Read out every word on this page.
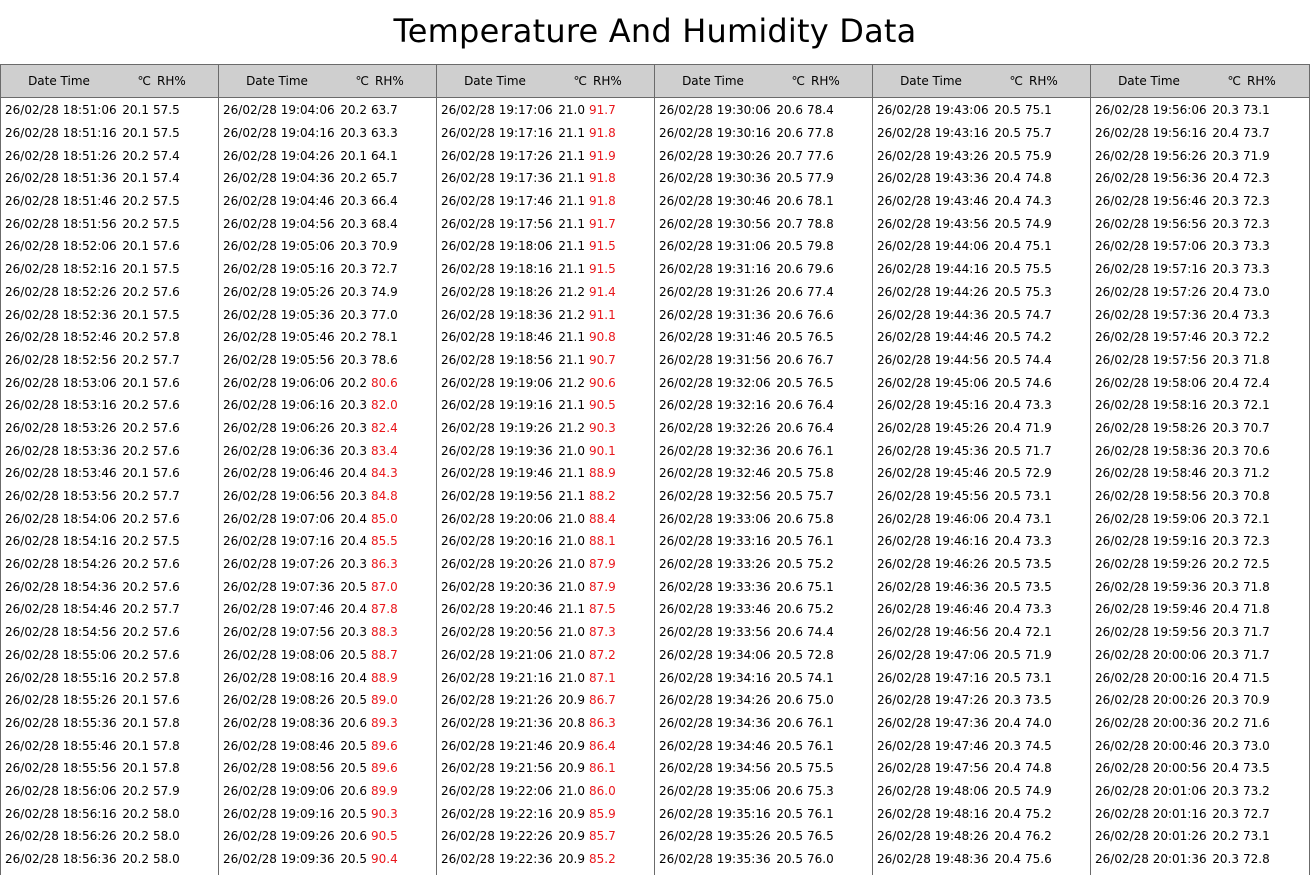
Temperature And Humidity Data
Date Time	℃ RH%
26/02/28 18:51:06 20.1 57.5
26/02/28 18:51:16 20.1 57.5
26/02/28 18:51:26 20.2 57.4
26/02/28 18:51:36 20.1 57.4
26/02/28 18:51:46 20.2 57.5
26/02/28 18:51:56 20.2 57.5
26/02/28 18:52:06 20.1 57.6
26/02/28 18:52:16 20.1 57.5
26/02/28 18:52:26 20.2 57.6
26/02/28 18:52:36 20.1 57.5
26/02/28 18:52:46 20.2 57.8
26/02/28 18:52:56 20.2 57.7
26/02/28 18:53:06 20.1 57.6
26/02/28 18:53:16 20.2 57.6
26/02/28 18:53:26 20.2 57.6
26/02/28 18:53:36 20.2 57.6
26/02/28 18:53:46 20.1 57.6
26/02/28 18:53:56 20.2 57.7
26/02/28 18:54:06 20.2 57.6
26/02/28 18:54:16 20.2 57.5
26/02/28 18:54:26 20.2 57.6
26/02/28 18:54:36 20.2 57.6
26/02/28 18:54:46 20.2 57.7
26/02/28 18:54:56 20.2 57.6
26/02/28 18:55:06 20.2 57.6
26/02/28 18:55:16 20.2 57.8
26/02/28 18:55:26 20.1 57.6
26/02/28 18:55:36 20.1 57.8
26/02/28 18:55:46 20.1 57.8
26/02/28 18:55:56 20.1 57.8
26/02/28 18:56:06 20.2 57.9
26/02/28 18:56:16 20.2 58.0
26/02/28 18:56:26 20.2 58.0
26/02/28 18:56:36 20.2 58.0
Date Time	℃ RH%
26/02/28 19:04:06 20.2 63.7
26/02/28 19:04:16 20.3 63.3
26/02/28 19:04:26 20.1 64.1
26/02/28 19:04:36 20.2 65.7
26/02/28 19:04:46 20.3 66.4
26/02/28 19:04:56 20.3 68.4
26/02/28 19:05:06 20.3 70.9
26/02/28 19:05:16 20.3 72.7
26/02/28 19:05:26 20.3 74.9
26/02/28 19:05:36 20.3 77.0
26/02/28 19:05:46 20.2 78.1
26/02/28 19:05:56 20.3 78.6
26/02/28 19:06:06 20.2 80.6
26/02/28 19:06:16 20.3 82.0
26/02/28 19:06:26 20.3 82.4
26/02/28 19:06:36 20.3 83.4
26/02/28 19:06:46 20.4 84.3
26/02/28 19:06:56 20.3 84.8
26/02/28 19:07:06 20.4 85.0
26/02/28 19:07:16 20.4 85.5
26/02/28 19:07:26 20.3 86.3
26/02/28 19:07:36 20.5 87.0
26/02/28 19:07:46 20.4 87.8
26/02/28 19:07:56 20.3 88.3
26/02/28 19:08:06 20.5 88.7
26/02/28 19:08:16 20.4 88.9
26/02/28 19:08:26 20.5 89.0
26/02/28 19:08:36 20.6 89.3
26/02/28 19:08:46 20.5 89.6
26/02/28 19:08:56 20.5 89.6
26/02/28 19:09:06 20.6 89.9
26/02/28 19:09:16 20.5 90.3
26/02/28 19:09:26 20.6 90.5
26/02/28 19:09:36 20.5 90.4
Date Time	℃ RH%
26/02/28 19:17:06 21.0 91.7
26/02/28 19:17:16 21.1 91.8
26/02/28 19:17:26 21.1 91.9
26/02/28 19:17:36 21.1 91.8
26/02/28 19:17:46 21.1 91.8
26/02/28 19:17:56 21.1 91.7
26/02/28 19:18:06 21.1 91.5
26/02/28 19:18:16 21.1 91.5
26/02/28 19:18:26 21.2 91.4
26/02/28 19:18:36 21.2 91.1
26/02/28 19:18:46 21.1 90.8
26/02/28 19:18:56 21.1 90.7
26/02/28 19:19:06 21.2 90.6
26/02/28 19:19:16 21.1 90.5
26/02/28 19:19:26 21.2 90.3
26/02/28 19:19:36 21.0 90.1
26/02/28 19:19:46 21.1 88.9
26/02/28 19:19:56 21.1 88.2
26/02/28 19:20:06 21.0 88.4
26/02/28 19:20:16 21.0 88.1
26/02/28 19:20:26 21.0 87.9
26/02/28 19:20:36 21.0 87.9
26/02/28 19:20:46 21.1 87.5
26/02/28 19:20:56 21.0 87.3
26/02/28 19:21:06 21.0 87.2
26/02/28 19:21:16 21.0 87.1
26/02/28 19:21:26 20.9 86.7
26/02/28 19:21:36 20.8 86.3
26/02/28 19:21:46 20.9 86.4
26/02/28 19:21:56 20.9 86.1
26/02/28 19:22:06 21.0 86.0
26/02/28 19:22:16 20.9 85.9
26/02/28 19:22:26 20.9 85.7
26/02/28 19:22:36 20.9 85.2
Date Time	℃ RH%
26/02/28 19:30:06 20.6 78.4
26/02/28 19:30:16 20.6 77.8
26/02/28 19:30:26 20.7 77.6
26/02/28 19:30:36 20.5 77.9
26/02/28 19:30:46 20.6 78.1
26/02/28 19:30:56 20.7 78.8
26/02/28 19:31:06 20.5 79.8
26/02/28 19:31:16 20.6 79.6
26/02/28 19:31:26 20.6 77.4
26/02/28 19:31:36 20.6 76.6
26/02/28 19:31:46 20.5 76.5
26/02/28 19:31:56 20.6 76.7
26/02/28 19:32:06 20.5 76.5
26/02/28 19:32:16 20.6 76.4
26/02/28 19:32:26 20.6 76.4
26/02/28 19:32:36 20.6 76.1
26/02/28 19:32:46 20.5 75.8
26/02/28 19:32:56 20.5 75.7
26/02/28 19:33:06 20.6 75.8
26/02/28 19:33:16 20.5 76.1
26/02/28 19:33:26 20.5 75.2
26/02/28 19:33:36 20.6 75.1
26/02/28 19:33:46 20.6 75.2
26/02/28 19:33:56 20.6 74.4
26/02/28 19:34:06 20.5 72.8
26/02/28 19:34:16 20.5 74.1
26/02/28 19:34:26 20.6 75.0
26/02/28 19:34:36 20.6 76.1
26/02/28 19:34:46 20.5 76.1
26/02/28 19:34:56 20.5 75.5
26/02/28 19:35:06 20.6 75.3
26/02/28 19:35:16 20.5 76.1
26/02/28 19:35:26 20.5 76.5
26/02/28 19:35:36 20.5 76.0
Date Time	℃ RH%
26/02/28 19:43:06 20.5 75.1
26/02/28 19:43:16 20.5 75.7
26/02/28 19:43:26 20.5 75.9
26/02/28 19:43:36 20.4 74.8
26/02/28 19:43:46 20.4 74.3
26/02/28 19:43:56 20.5 74.9
26/02/28 19:44:06 20.4 75.1
26/02/28 19:44:16 20.5 75.5
26/02/28 19:44:26 20.5 75.3
26/02/28 19:44:36 20.5 74.7
26/02/28 19:44:46 20.5 74.2
26/02/28 19:44:56 20.5 74.4
26/02/28 19:45:06 20.5 74.6
26/02/28 19:45:16 20.4 73.3
26/02/28 19:45:26 20.4 71.9
26/02/28 19:45:36 20.5 71.7
26/02/28 19:45:46 20.5 72.9
26/02/28 19:45:56 20.5 73.1
26/02/28 19:46:06 20.4 73.1
26/02/28 19:46:16 20.4 73.3
26/02/28 19:46:26 20.5 73.5
26/02/28 19:46:36 20.5 73.5
26/02/28 19:46:46 20.4 73.3
26/02/28 19:46:56 20.4 72.1
26/02/28 19:47:06 20.5 71.9
26/02/28 19:47:16 20.5 73.1
26/02/28 19:47:26 20.3 73.5
26/02/28 19:47:36 20.4 74.0
26/02/28 19:47:46 20.3 74.5
26/02/28 19:47:56 20.4 74.8
26/02/28 19:48:06 20.5 74.9
26/02/28 19:48:16 20.4 75.2
26/02/28 19:48:26 20.4 76.2
26/02/28 19:48:36 20.4 75.6
Date Time	℃ RH%
26/02/28 19:56:06 20.3 73.1
26/02/28 19:56:16 20.4 73.7
26/02/28 19:56:26 20.3 71.9
26/02/28 19:56:36 20.4 72.3
26/02/28 19:56:46 20.3 72.3
26/02/28 19:56:56 20.3 72.3
26/02/28 19:57:06 20.3 73.3
26/02/28 19:57:16 20.3 73.3
26/02/28 19:57:26 20.4 73.0
26/02/28 19:57:36 20.4 73.3
26/02/28 19:57:46 20.3 72.2
26/02/28 19:57:56 20.3 71.8
26/02/28 19:58:06 20.4 72.4
26/02/28 19:58:16 20.3 72.1
26/02/28 19:58:26 20.3 70.7
26/02/28 19:58:36 20.3 70.6
26/02/28 19:58:46 20.3 71.2
26/02/28 19:58:56 20.3 70.8
26/02/28 19:59:06 20.3 72.1
26/02/28 19:59:16 20.3 72.3
26/02/28 19:59:26 20.2 72.5
26/02/28 19:59:36 20.3 71.8
26/02/28 19:59:46 20.4 71.8
26/02/28 19:59:56 20.3 71.7
26/02/28 20:00:06 20.3 71.7
26/02/28 20:00:16 20.4 71.5
26/02/28 20:00:26 20.3 70.9
26/02/28 20:00:36 20.2 71.6
26/02/28 20:00:46 20.3 73.0
26/02/28 20:00:56 20.4 73.5
26/02/28 20:01:06 20.3 73.2
26/02/28 20:01:16 20.3 72.7
26/02/28 20:01:26 20.2 73.1
26/02/28 20:01:36 20.3 72.8
